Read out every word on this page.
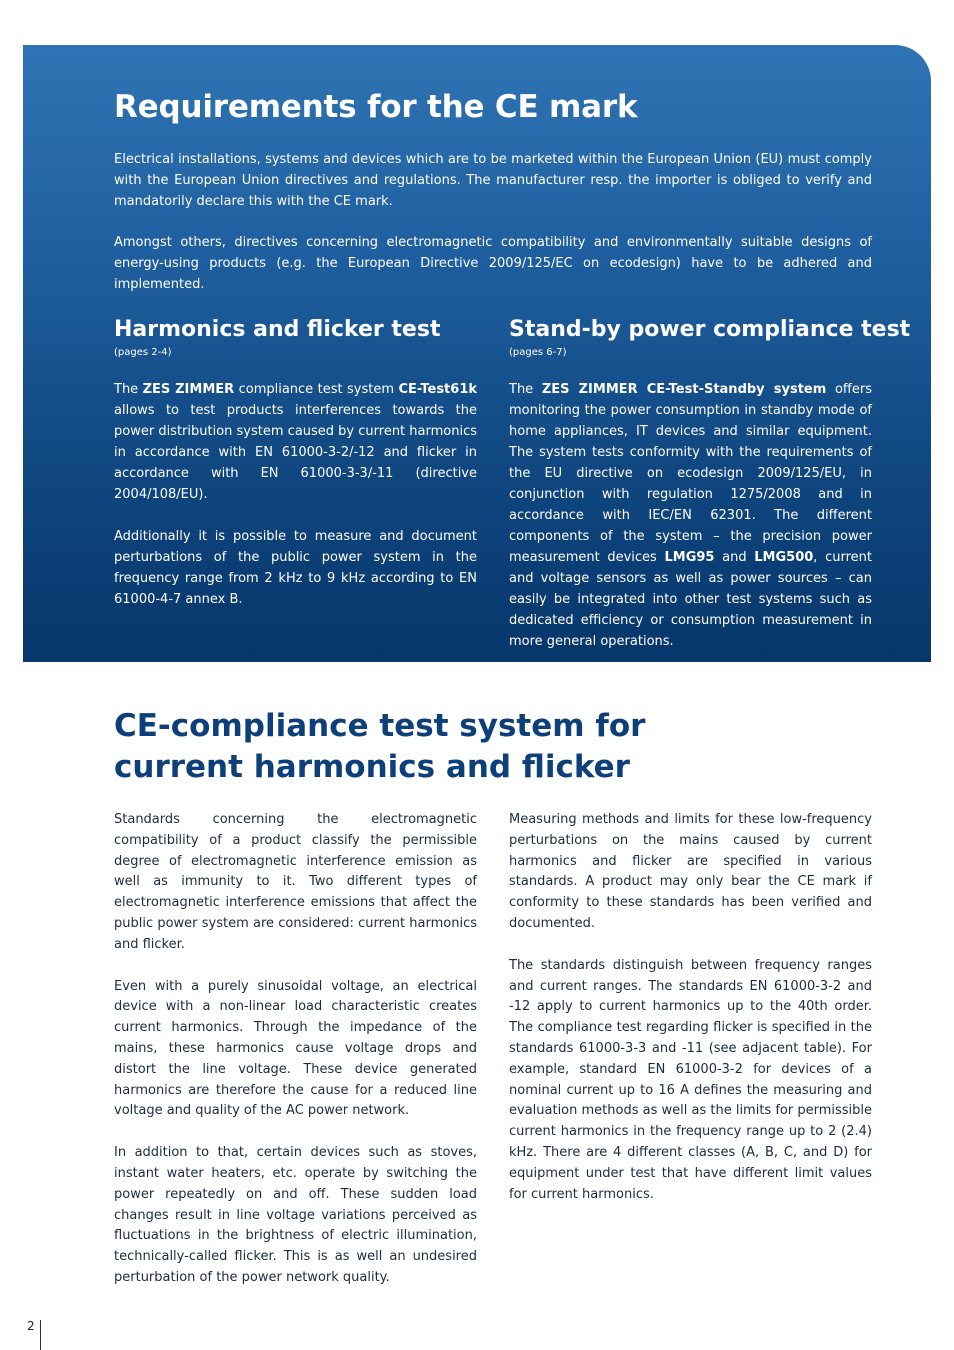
Requirements for the CE mark

Electrical installations, systems and devices which are to be marketed within the European Union (EU) must comply with the European Union directives and regulations. The manufacturer resp. the importer is obliged to verify and mandatorily declare this with the CE mark.

Amongst others, directives concerning electromagnetic compatibility and environmentally suitable designs of energy-using products (e.g. the European Directive 2009/125/EC on ecodesign) have to be adhered and implemented.

Harmonics and flicker test

(pages 2-4)

The ZES ZIMMER compliance test system CE-Test61k allows to test products interferences towards the power distribution system caused by current harmonics in accordance with EN 61000-3-2/-12 and flicker in accordance with EN 61000-3-3/-11 (directive 2004/108/EU).

Additionally it is possible to measure and document perturbations of the public power system in the frequency range from 2 kHz to 9 kHz according to EN 61000-4-7 annex B.

Stand-by power compliance test

(pages 6-7)

The ZES ZIMMER CE-Test-Standby system offers monitoring the power consumption in standby mode of home appliances, IT devices and similar equipment. The system tests conformity with the requirements of the EU directive on ecodesign 2009/125/EU, in conjunction with regulation 1275/2008 and in accordance with IEC/EN 62301. The different components of the system – the precision power measurement devices LMG95 and LMG500, current and voltage sensors as well as power sources – can easily be integrated into other test systems such as dedicated efficiency or consumption measurement in more general operations.

CE-compliance test system for
current harmonics and flicker

Standards concerning the electromagnetic compatibility of a product classify the permissible degree of electromagnetic interference emission as well as immunity to it. Two different types of electromagnetic interference emissions that affect the public power system are considered: current harmonics and flicker.

Even with a purely sinusoidal voltage, an electrical device with a non-linear load characteristic creates current harmonics. Through the impedance of the mains, these harmonics cause voltage drops and distort the line voltage. These device generated harmonics are therefore the cause for a reduced line voltage and quality of the AC power network.

In addition to that, certain devices such as stoves, instant water heaters, etc. operate by switching the power repeatedly on and off. These sudden load changes result in line voltage variations perceived as fluctuations in the brightness of electric illumination, technically-called flicker. This is as well an undesired perturbation of the power network quality.

Measuring methods and limits for these low-frequency perturbations on the mains caused by current harmonics and flicker are specified in various standards. A product may only bear the CE mark if conformity to these standards has been verified and documented.

The standards distinguish between frequency ranges and current ranges. The standards EN 61000-3-2 and -12 apply to current harmonics up to the 40th order. The compliance test regarding flicker is specified in the standards 61000-3-3 and -11 (see adjacent table). For example, standard EN 61000-3-2 for devices of a nominal current up to 16 A defines the measuring and evaluation methods as well as the limits for permissible current harmonics in the frequency range up to 2 (2.4) kHz. There are 4 different classes (A, B, C, and D) for equipment under test that have different limit values for current harmonics.

2
